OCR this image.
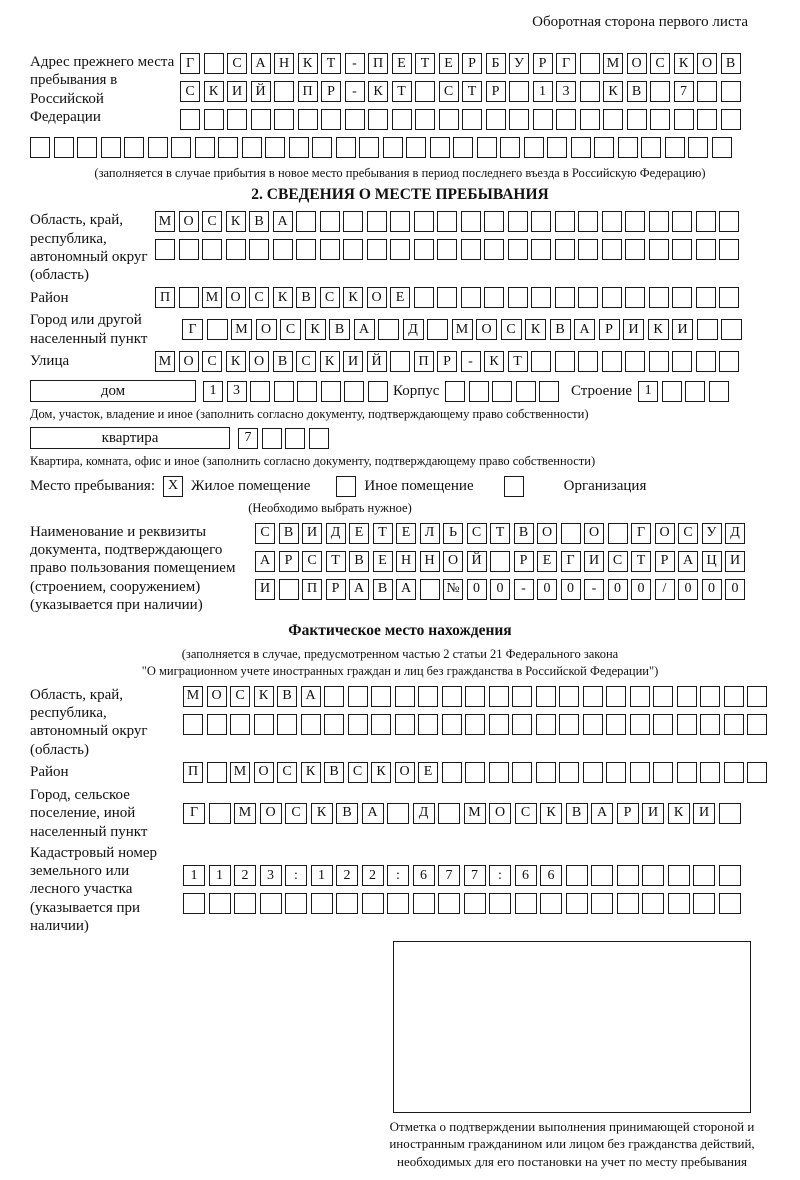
Оборотная сторона первого листа
Адрес прежнего места пребывания в Российской Федерации
Г	С А Н К	Т	-	П	Е	Т	Е	Р	Б	У	Р	Г	М О С	К О В
С	К И Й	П	Р	-	К	Т	С	Т	Р	1	3	К	В	7
(заполняется в случае прибытия в новое место пребывания в период последнего въезда в Российскую Федерацию)
2. СВЕДЕНИЯ О МЕСТЕ ПРЕБЫВАНИЯ
Область, край, республика, автономный округ (область)
М О С	К	В А
Район	П	М О С	К	В	С	К О	Е
Город или другой населенный пункт
Г	М О	С	К	В	А	Д	М О	С	К	В	А	Р	И	К	И
Улица	М О С	К О В	С	К И Й	П	Р	-	К	Т
дом	1	3	Корпус	Строение 1
Дом, участок, владение и иное (заполнить согласно документу, подтверждающему право собственности)
квартира	7
Квартира, комната, офис и иное (заполнить согласно документу, подтверждающему право собственности)
Место пребывания: X Жилое помещение	Иное помещение	Организация
(Необходимо выбрать нужное)
Наименование и реквизиты документа, подтверждающего право пользования помещением (строением, сооружением) (указывается при наличии)
С	В И Д	Е	Т	Е	Л	Ь	С	Т	В О	О	Г	О С У Д
А	Р	С	Т	В	Е	Н Н О Й	Р	Е	Г	И С	Т	Р	А Ц И
И	П	Р	А В А	№ 0	0	-	0	0	-	0	0	/	0	0	0
Фактическое место нахождения
(заполняется в случае, предусмотренном частью 2 статьи 21 Федерального закона
"О миграционном учете иностранных граждан и лиц без гражданства в Российской Федерации")
Область, край, республика, автономный округ (область)
М О С	К	В А
Район	П	М О С	К	В	С	К О	Е
Город, сельское поселение, иной населенный пункт
Г	М	О	С	К	В	А	Д	М	О	С	К	В	А	Р	И	К	И
Кадастровый номер земельного или лесного участка (указывается при наличии)
1	1	2	3	:	1	2	2	:	6	7	7	:	6	6
Отметка о подтверждении выполнения принимающей стороной и иностранным гражданином или лицом без гражданства действий, необходимых для его постановки на учет по месту пребывания
